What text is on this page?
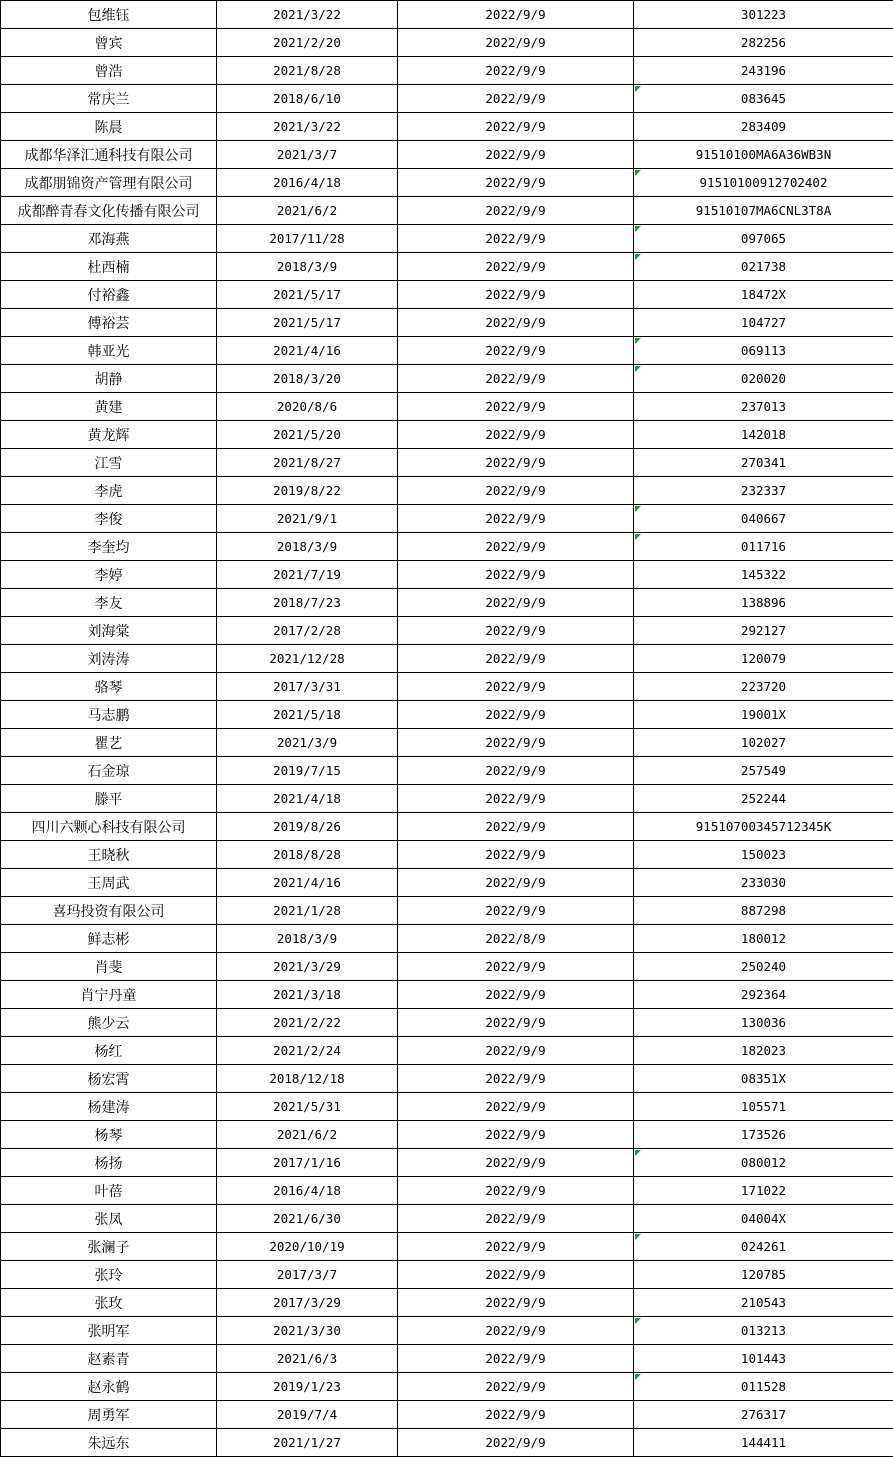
包维钰	2021/3/22	2022/9/9	301223
曾宾	2021/2/20	2022/9/9	282256
曾浩	2021/8/28	2022/9/9	243196
常庆兰	2018/6/10	2022/9/9	083645
陈晨	2021/3/22	2022/9/9	283409
成都华泽汇通科技有限公司	2021/3/7	2022/9/9	91510100MA6A36WB3N
成都朋锦资产管理有限公司	2016/4/18	2022/9/9	91510100912702402
成都醉青春文化传播有限公司	2021/6/2	2022/9/9	91510107MA6CNL3T8A
邓海燕	2017/11/28	2022/9/9	097065
杜西楠	2018/3/9	2022/9/9	021738
付裕鑫	2021/5/17	2022/9/9	18472X
傅裕芸	2021/5/17	2022/9/9	104727
韩亚光	2021/4/16	2022/9/9	069113
胡静	2018/3/20	2022/9/9	020020
黄建	2020/8/6	2022/9/9	237013
黄龙辉	2021/5/20	2022/9/9	142018
江雪	2021/8/27	2022/9/9	270341
李虎	2019/8/22	2022/9/9	232337
李俊	2021/9/1	2022/9/9	040667
李奎均	2018/3/9	2022/9/9	011716
李婷	2021/7/19	2022/9/9	145322
李友	2018/7/23	2022/9/9	138896
刘海棠	2017/2/28	2022/9/9	292127
刘涛涛	2021/12/28	2022/9/9	120079
骆琴	2017/3/31	2022/9/9	223720
马志鹏	2021/5/18	2022/9/9	19001X
瞿艺	2021/3/9	2022/9/9	102027
石金琼	2019/7/15	2022/9/9	257549
滕平	2021/4/18	2022/9/9	252244
四川六颗心科技有限公司	2019/8/26	2022/9/9	91510700345712345K
王晓秋	2018/8/28	2022/9/9	150023
王周武	2021/4/16	2022/9/9	233030
喜玛投资有限公司	2021/1/28	2022/9/9	887298
鲜志彬	2018/3/9	2022/8/9	180012
肖斐	2021/3/29	2022/9/9	250240
肖宁丹童	2021/3/18	2022/9/9	292364
熊少云	2021/2/22	2022/9/9	130036
杨红	2021/2/24	2022/9/9	182023
杨宏霄	2018/12/18	2022/9/9	08351X
杨建涛	2021/5/31	2022/9/9	105571
杨琴	2021/6/2	2022/9/9	173526
杨扬	2017/1/16	2022/9/9	080012
叶蓓	2016/4/18	2022/9/9	171022
张凤	2021/6/30	2022/9/9	04004X
张澜子	2020/10/19	2022/9/9	024261
张玲	2017/3/7	2022/9/9	120785
张玫	2017/3/29	2022/9/9	210543
张明军	2021/3/30	2022/9/9	013213
赵素青	2021/6/3	2022/9/9	101443
赵永鹤	2019/1/23	2022/9/9	011528
周勇军	2019/7/4	2022/9/9	276317
朱远东	2021/1/27	2022/9/9	144411
